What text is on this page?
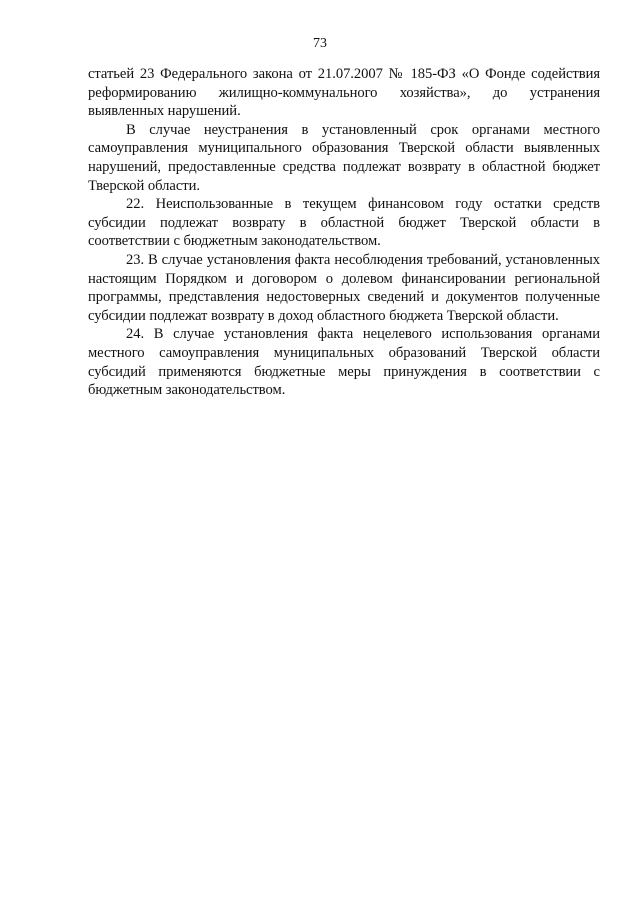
73

статьей 23 Федерального закона от 21.07.2007 № 185-ФЗ «О Фонде содействия реформированию жилищно-коммунального хозяйства», до устранения выявленных нарушений.

В случае неустранения в установленный срок органами местного самоуправления муниципального образования Тверской области выявленных нарушений, предоставленные средства подлежат возврату в областной бюджет Тверской области.

22. Неиспользованные в текущем финансовом году остатки средств субсидии подлежат возврату в областной бюджет Тверской области в соответствии с бюджетным законодательством.

23. В случае установления факта несоблюдения требований, установленных настоящим Порядком и договором о долевом финансировании региональной программы, представления недостоверных сведений и документов полученные субсидии подлежат возврату в доход областного бюджета Тверской области.

24. В случае установления факта нецелевого использования органами местного самоуправления муниципальных образований Тверской области субсидий применяются бюджетные меры принуждения в соответствии с бюджетным законодательством.
